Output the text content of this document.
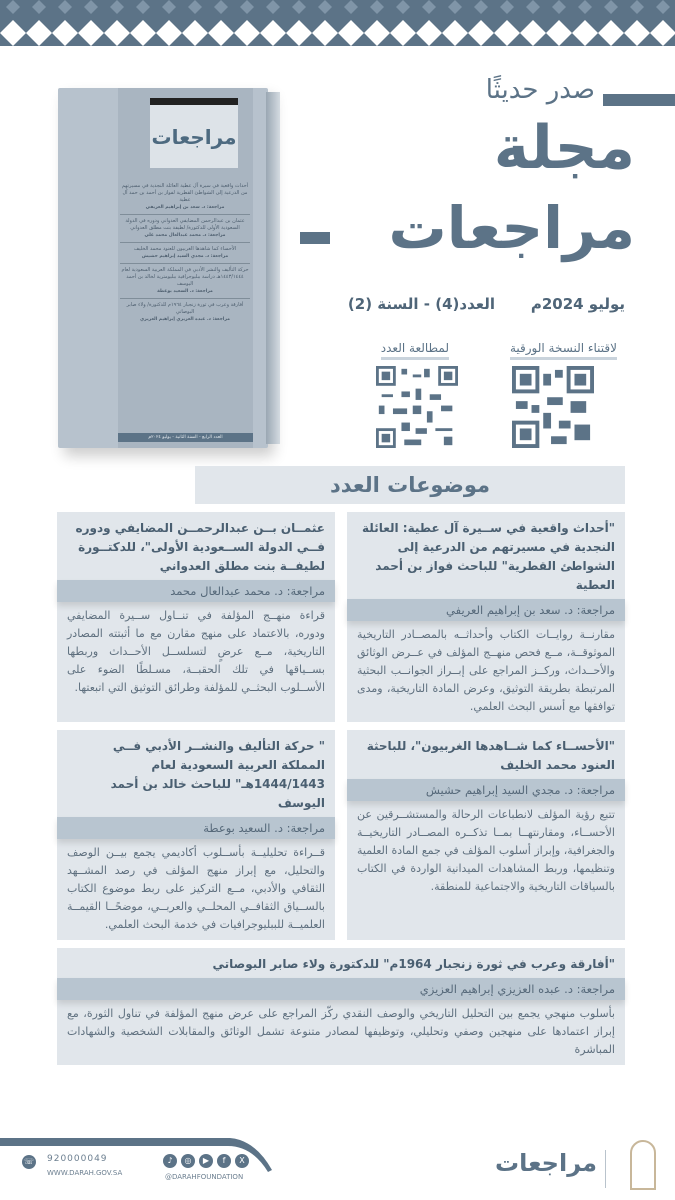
صدر حديثًا
مجلة
مراجعات
يوليو 2024م
العدد(4) - السنة (2)
لاقتناء النسخة الورقية
لمطالعة العدد
مراجعات
أحداث واقعية في سيرة آل عطية العائلة النجدية في مسيرتهم من الدرعية إلى الشواطئ القطرية لفواز بن أحمد بن حمد آل عطية
مراجعة: د. سعد بن إبراهيم العريفي
عثمان بن عبدالرحمن المضايفي العدواني ودوره في الدولة السعودية الأولى للدكتورة/ لطيفة بنت مطلق العدواني
مراجعة: د. محمد عبدالعال محمد علي
الأحساء كما شاهدها الغربيون للعنود محمد الخليف
مراجعة: د. مجدي السيد إبراهيم حشيش
حركة التأليف والنشر الأدبي في المملكة العربية السعودية لعام ١٤٤٣/١٤٤٤هـ دراسة ببليوجرافية ببليومترية لخالد بن أحمد اليوسف
مراجعة: د. السعيد بوعطة
أفارقة وعرب في ثورة زنجبار ١٩٦٤م للدكتورة/ ولاء صابر البوصاتي
مراجعة: د. عبده العزيزي إبراهيم العزيزي
العدد الرابع - السنة الثانية - يوليو ٢٠٢٤م
موضوعات العدد
"أحداث واقعية في ســيرة آل عطية: العائلة النجدية في مسيرتهم من الدرعية إلى الشواطئ القطرية" للباحث فواز بن أحمد العطية
مراجعة: د. سعد بن إبراهيم العريفي

مقارنــة روايــات الكتاب وأحداثــه بالمصــادر التاريخية الموثوقــة، مــع فحص منهــج المؤلف في عــرض الوثائق والأحــداث، وركــز المراجع على إبــراز الجوانــب البحثية المرتبطة بطريقة التوثيق، وعرض المادة التاريخية، ومدى توافقها مع أسس البحث العلمي.

عثمــان بــن عبدالرحمــن المضايفي ودوره فــي الدولة الســعودية الأولى"، للدكتــورة لطيفــة بنت مطلق العدواني
مراجعة: د. محمد عبدالعال محمد

قراءة منهــج المؤلفة في تنــاول ســيرة المضايفي ودوره، بالاعتماد على منهج مقارن مع ما أثبتته المصادر التاريخية، مــع عرضٍ لتسلســل الأحــداث وربطها بســياقها في تلك الحقبــة، مسـلطًا الضوء على الأســلوب البحثــي للمؤلفة وطرائق التوثيق التي اتبعتها.

"الأحســاء كما شــاهدها الغربيون"، للباحثة العنود محمد الخليف
مراجعة: د. مجدي السيد إبراهيم حشيش

تتبع رؤية المؤلف لانطباعات الرحالة والمستشــرقين عن الأحســاء، ومقارنتهــا بمــا تذكــره المصــادر التاريخيــة والجغرافية، وإبراز أسلوب المؤلف في جمع المادة العلمية وتنظيمها، وربط المشاهدات الميدانية الواردة في الكتاب بالسياقات التاريخية والاجتماعية للمنطقة.

" حركة التأليف والنشــر الأدبي فــي المملكة العربية السعودية لعام 1444/1443هـ" للباحث خالد بن أحمد اليوسف
مراجعة: د. السعيد بوعطة

قــراءة تحليليــة بأســلوب أكاديمي يجمع بيــن الوصف والتحليل، مع إبراز منهج المؤلف في رصد المشــهد الثقافي والأدبي، مــع التركيز على ربط موضوع الكتاب بالســياق الثقافــي المحلــي والعربــي، موضحًــا القيمــة العلميــة للببليوجرافيات في خدمة البحث العلمي.

"أفارقة وعرب في ثورة زنجبار 1964م" للدكتورة ولاء صابر البوصاتي
مراجعة: د. عبده العزيزي إبراهيم العزيزي

بأسلوب منهجي يجمع بين التحليل التاريخي والوصف النقدي ركّز المراجع على عرض منهج المؤلفة في تناول الثورة، مع إبراز اعتمادها على منهجين وصفي وتحليلي، وتوظيفها لمصادر متنوعة تشمل الوثائق والمقابلات الشخصية والشهادات المباشرة

☏ 920000049
WWW.DARAH.GOV.SA
♪	◎	▶	f	X
@DARAHFOUNDATION	مراجعات
